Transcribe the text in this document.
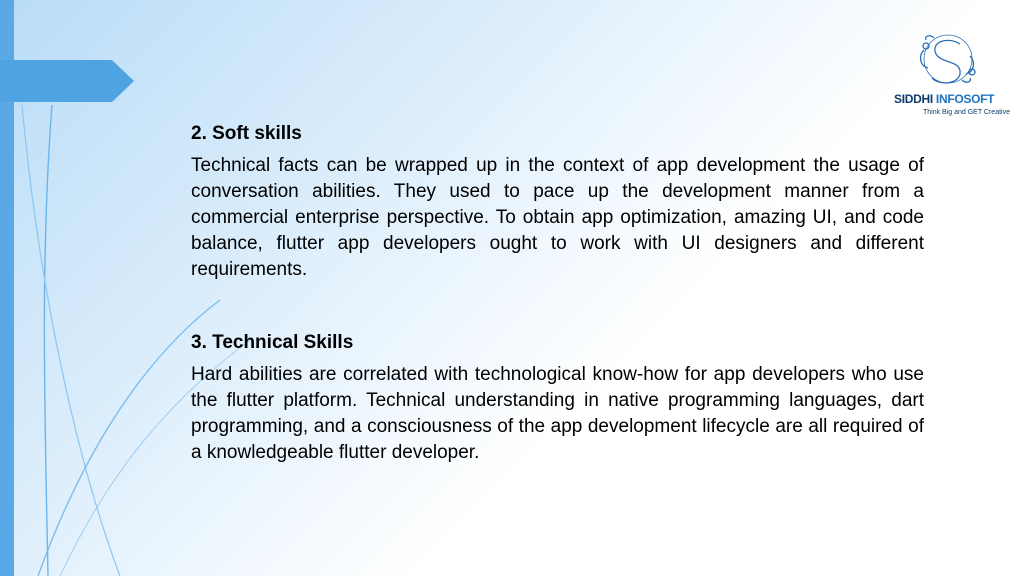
2. Soft skills

Technical facts can be wrapped up in the context of app development the usage of conversation abilities. They used to pace up the development manner from a commercial enterprise perspective. To obtain app optimization, amazing UI, and code balance, flutter app developers ought to work with UI designers and different requirements.

3. Technical Skills

Hard abilities are correlated with technological know-how for app developers who use the flutter platform. Technical understanding in native programming languages, dart programming, and a consciousness of the app development lifecycle are all required of a knowledgeable flutter developer.

SIDDHI INFOSOFT
Think Big and GET Creative
